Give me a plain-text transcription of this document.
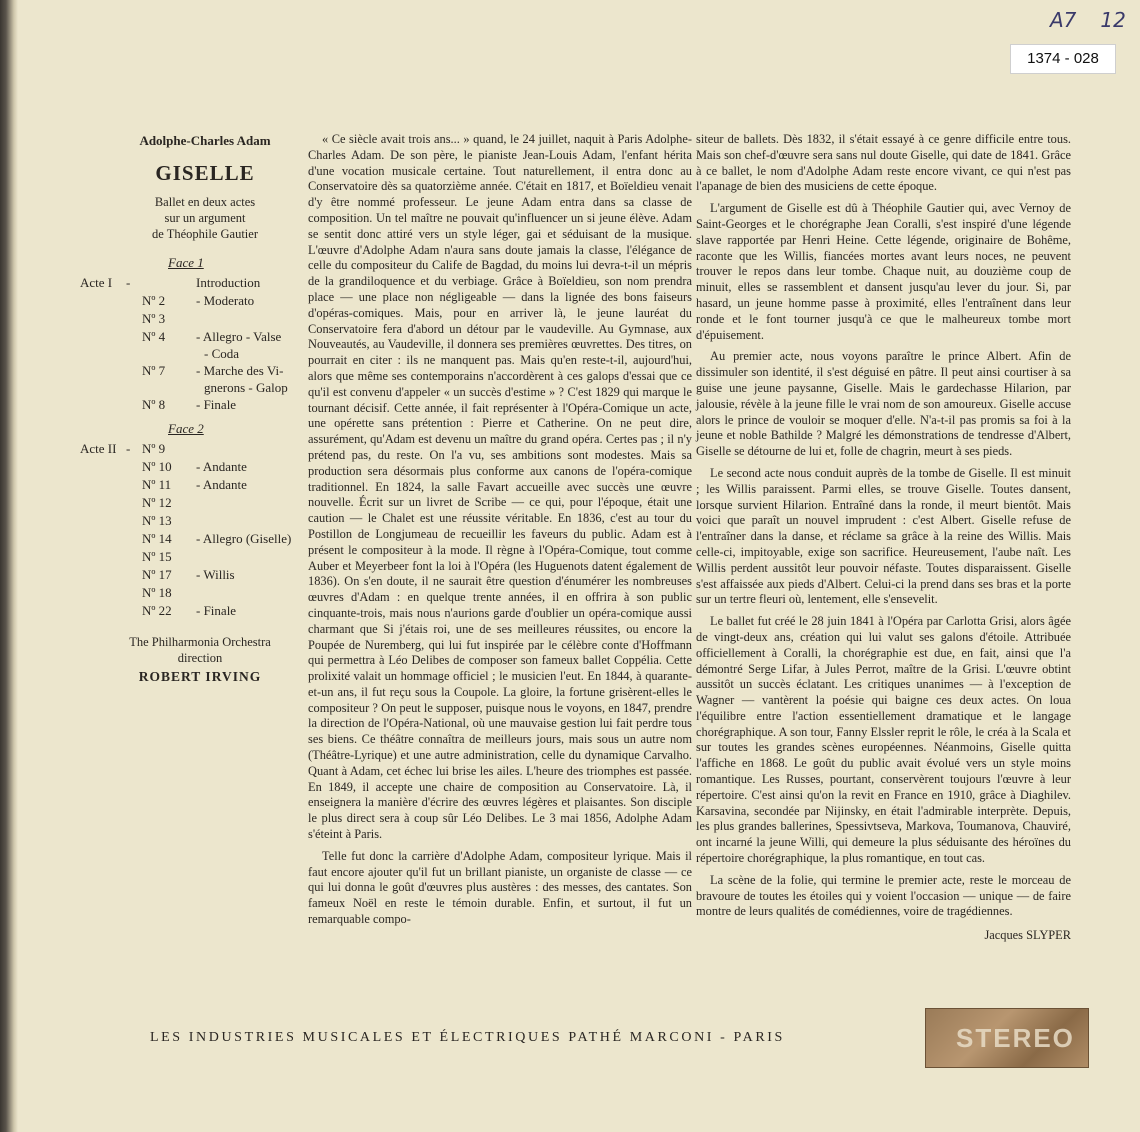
A7 12
1374 - 028
Adolphe-Charles Adam
GISELLE
Ballet en deux actes
sur un argument
de Théophile Gautier
Face 1
Acte I -	Introduction
Nº 2 - Moderato
Nº 3
Nº 4 - Allegro - Valse
- Coda
Nº 7 - Marche des Vi-
gnerons - Galop
Nº 8 - Finale
Face 2
Acte II - Nº 9
Nº 10 - Andante
Nº 11 - Andante
Nº 12
Nº 13
Nº 14 - Allegro (Giselle)
Nº 15
Nº 17 - Willis
Nº 18
Nº 22 - Finale
The Philharmonia Orchestra
direction
ROBERT IRVING

« Ce siècle avait trois ans... » quand, le 24 juillet, naquit à Paris Adolphe-Charles Adam. De son père, le pianiste Jean-Louis Adam, l'enfant hérita d'une vocation musicale certaine. Tout naturellement, il entra donc au Conservatoire dès sa quatorzième année. C'était en 1817, et Boïeldieu venait d'y être nommé professeur. Le jeune Adam entra dans sa classe de composition. Un tel maître ne pouvait qu'influencer un si jeune élève. Adam se sentit donc attiré vers un style léger, gai et séduisant de la musique. L'œuvre d'Adolphe Adam n'aura sans doute jamais la classe, l'élégance de celle du compositeur du Calife de Bagdad, du moins lui devra-t-il un mépris de la grandiloquence et du verbiage. Grâce à Boïeldieu, son nom prendra place — une place non négligeable — dans la lignée des bons faiseurs d'opéras-comiques. Mais, pour en arriver là, le jeune lauréat du Conservatoire fera d'abord un détour par le vaudeville. Au Gymnase, aux Nouveautés, au Vaudeville, il donnera ses premières œuvrettes. Des titres, on pourrait en citer : ils ne manquent pas. Mais qu'en reste-t-il, aujourd'hui, alors que même ses contemporains n'accordèrent à ces galops d'essai que ce qu'il est convenu d'appeler « un succès d'estime » ? C'est 1829 qui marque le tournant décisif. Cette année, il fait représenter à l'Opéra-Comique un acte, une opérette sans prétention : Pierre et Catherine. On ne peut dire, assurément, qu'Adam est devenu un maître du grand opéra. Certes pas ; il n'y prétend pas, du reste. On l'a vu, ses ambitions sont modestes. Mais sa production sera désormais plus conforme aux canons de l'opéra-comique traditionnel. En 1824, la salle Favart accueille avec succès une œuvre nouvelle. Écrit sur un livret de Scribe — ce qui, pour l'époque, était une caution — le Chalet est une réussite véritable. En 1836, c'est au tour du Postillon de Longjumeau de recueillir les faveurs du public. Adam est à présent le compositeur à la mode. Il règne à l'Opéra-Comique, tout comme Auber et Meyerbeer font la loi à l'Opéra (les Huguenots datent également de 1836). On s'en doute, il ne saurait être question d'énumérer les nombreuses œuvres d'Adam : en quelque trente années, il en offrira à son public cinquante-trois, mais nous n'aurions garde d'oublier un opéra-comique aussi charmant que Si j'étais roi, une de ses meilleures réussites, ou encore la Poupée de Nuremberg, qui lui fut inspirée par le célèbre conte d'Hoffmann qui permettra à Léo Delibes de composer son fameux ballet Coppélia. Cette prolixité valait un hommage officiel ; le musicien l'eut. En 1844, à quarante-et-un ans, il fut reçu sous la Coupole. La gloire, la fortune grisèrent-elles le compositeur ? On peut le supposer, puisque nous le voyons, en 1847, prendre la direction de l'Opéra-National, où une mauvaise gestion lui fait perdre tous ses biens. Ce théâtre connaîtra de meilleurs jours, mais sous un autre nom (Théâtre-Lyrique) et une autre administration, celle du dynamique Carvalho. Quant à Adam, cet échec lui brise les ailes. L'heure des triomphes est passée. En 1849, il accepte une chaire de composition au Conservatoire. Là, il enseignera la manière d'écrire des œuvres légères et plaisantes. Son disciple le plus direct sera à coup sûr Léo Delibes. Le 3 mai 1856, Adolphe Adam s'éteint à Paris.

Telle fut donc la carrière d'Adolphe Adam, compositeur lyrique. Mais il faut encore ajouter qu'il fut un brillant pianiste, un organiste de classe — ce qui lui donna le goût d'œuvres plus austères : des messes, des cantates. Son fameux Noël en reste le témoin durable. Enfin, et surtout, il fut un remarquable compo-

siteur de ballets. Dès 1832, il s'était essayé à ce genre difficile entre tous. Mais son chef-d'œuvre sera sans nul doute Giselle, qui date de 1841. Grâce à ce ballet, le nom d'Adolphe Adam reste encore vivant, ce qui n'est pas l'apanage de bien des musiciens de cette époque.

L'argument de Giselle est dû à Théophile Gautier qui, avec Vernoy de Saint-Georges et le chorégraphe Jean Coralli, s'est inspiré d'une légende slave rapportée par Henri Heine. Cette légende, originaire de Bohême, raconte que les Willis, fiancées mortes avant leurs noces, ne peuvent trouver le repos dans leur tombe. Chaque nuit, au douzième coup de minuit, elles se rassemblent et dansent jusqu'au lever du jour. Si, par hasard, un jeune homme passe à proximité, elles l'entraînent dans leur ronde et le font tourner jusqu'à ce que le malheureux tombe mort d'épuisement.

Au premier acte, nous voyons paraître le prince Albert. Afin de dissimuler son identité, il s'est déguisé en pâtre. Il peut ainsi courtiser à sa guise une jeune paysanne, Giselle. Mais le gardechasse Hilarion, par jalousie, révèle à la jeune fille le vrai nom de son amoureux. Giselle accuse alors le prince de vouloir se moquer d'elle. N'a-t-il pas promis sa foi à la jeune et noble Bathilde ? Malgré les démonstrations de tendresse d'Albert, Giselle se détourne de lui et, folle de chagrin, meurt à ses pieds.

Le second acte nous conduit auprès de la tombe de Giselle. Il est minuit ; les Willis paraissent. Parmi elles, se trouve Giselle. Toutes dansent, lorsque survient Hilarion. Entraîné dans la ronde, il meurt bientôt. Mais voici que paraît un nouvel imprudent : c'est Albert. Giselle refuse de l'entraîner dans la danse, et réclame sa grâce à la reine des Willis. Mais celle-ci, impitoyable, exige son sacrifice. Heureusement, l'aube naît. Les Willis perdent aussitôt leur pouvoir néfaste. Toutes disparaissent. Giselle s'est affaissée aux pieds d'Albert. Celui-ci la prend dans ses bras et la porte sur un tertre fleuri où, lentement, elle s'ensevelit.

Le ballet fut créé le 28 juin 1841 à l'Opéra par Carlotta Grisi, alors âgée de vingt-deux ans, création qui lui valut ses galons d'étoile. Attribuée officiellement à Coralli, la chorégraphie est due, en fait, ainsi que l'a démontré Serge Lifar, à Jules Perrot, maître de la Grisi. L'œuvre obtint aussitôt un succès éclatant. Les critiques unanimes — à l'exception de Wagner — vantèrent la poésie qui baigne ces deux actes. On loua l'équilibre entre l'action essentiellement dramatique et le langage chorégraphique. A son tour, Fanny Elssler reprit le rôle, le créa à la Scala et sur toutes les grandes scènes européennes. Néanmoins, Giselle quitta l'affiche en 1868. Le goût du public avait évolué vers un style moins romantique. Les Russes, pourtant, conservèrent toujours l'œuvre à leur répertoire. C'est ainsi qu'on la revit en France en 1910, grâce à Diaghilev. Karsavina, secondée par Nijinsky, en était l'admirable interprète. Depuis, les plus grandes ballerines, Spessivtseva, Markova, Toumanova, Chauviré, ont incarné la jeune Willi, qui demeure la plus séduisante des héroïnes du répertoire chorégraphique, la plus romantique, en tout cas.

La scène de la folie, qui termine le premier acte, reste le morceau de bravoure de toutes les étoiles qui y voient l'occasion — unique — de faire montre de leurs qualités de comédiennes, voire de tragédiennes.

Jacques SLYPER
LES INDUSTRIES MUSICALES ET ÉLECTRIQUES PATHÉ MARCONI - PARIS	STEREO
